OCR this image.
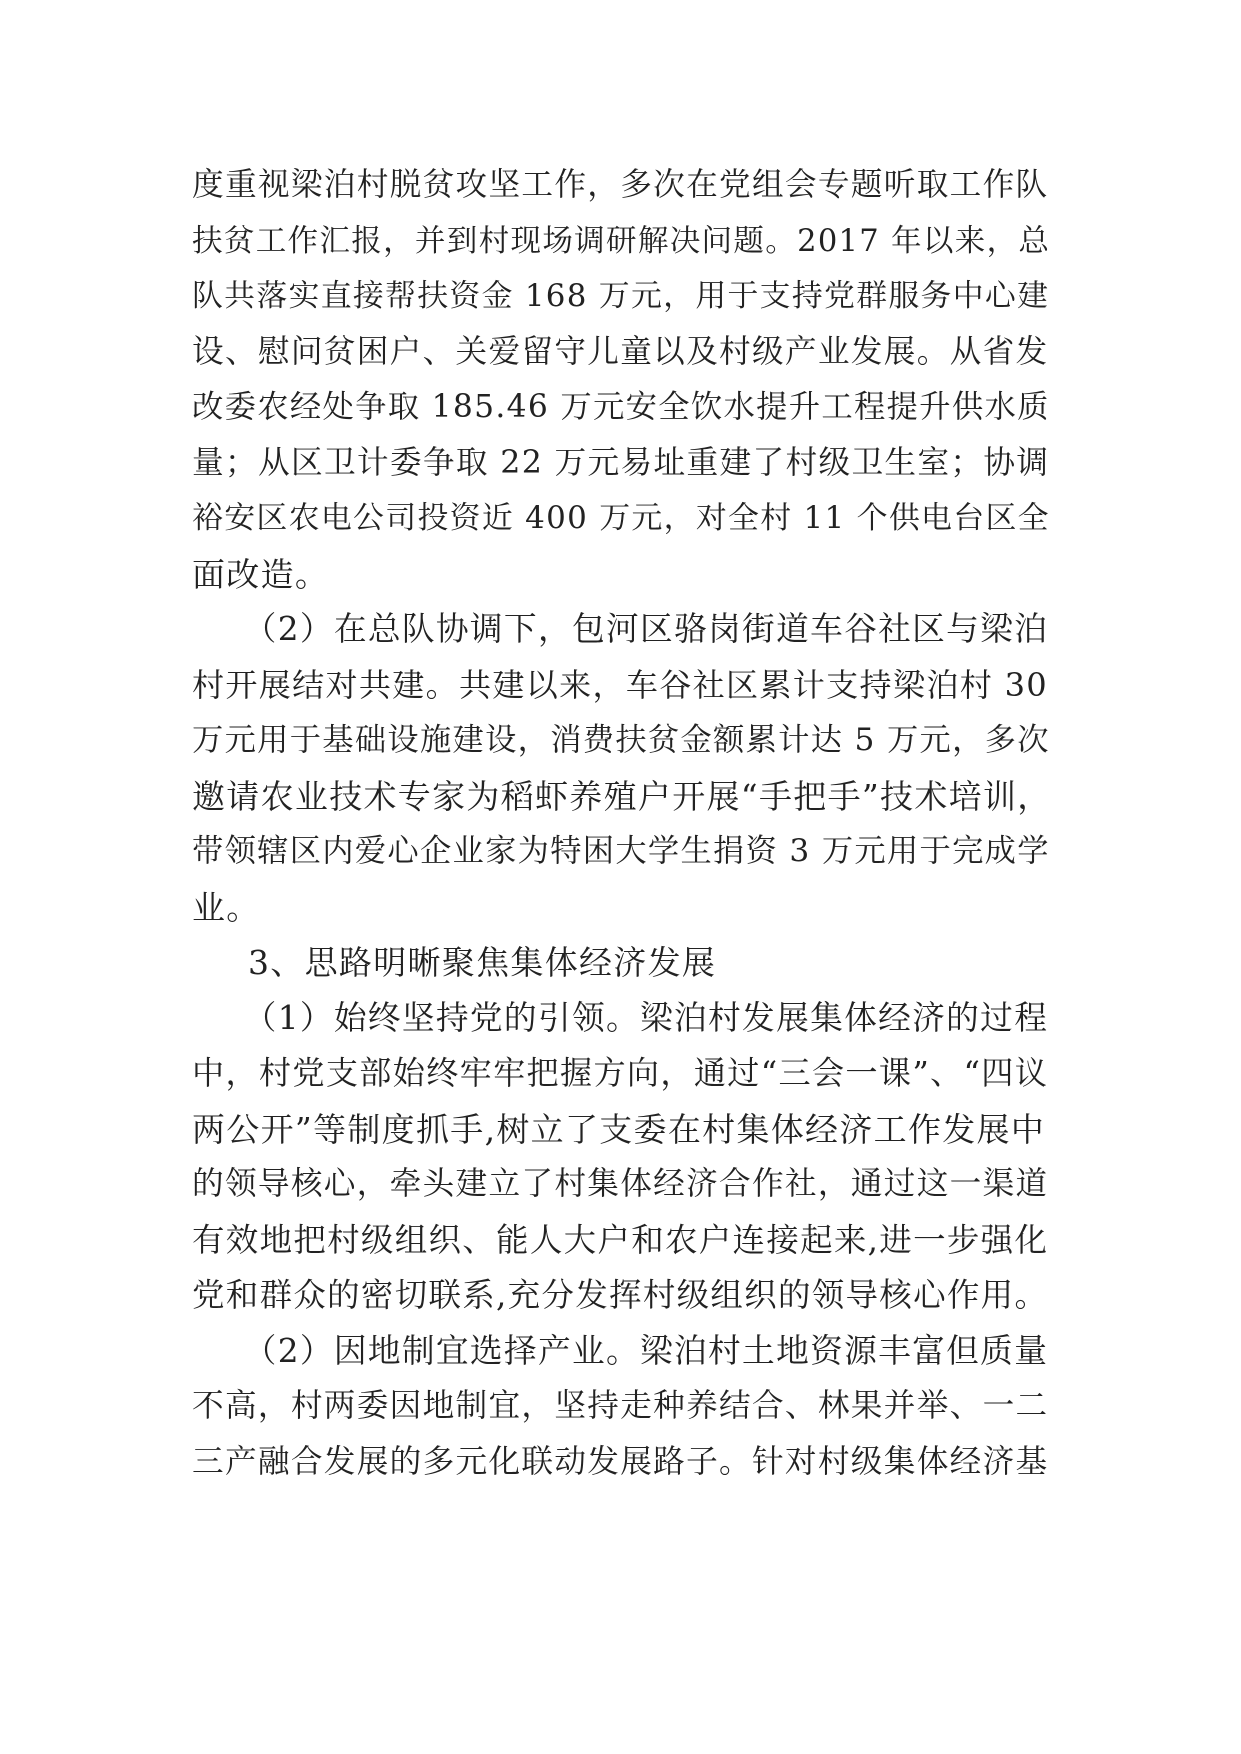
度重视梁泊村脱贫攻坚工作，多次在党组会专题听取工作队
扶贫工作汇报，并到村现场调研解决问题。2017 年以来，总
队共落实直接帮扶资金 168 万元，用于支持党群服务中心建
设、慰问贫困户、关爱留守儿童以及村级产业发展。从省发
改委农经处争取 185.46 万元安全饮水提升工程提升供水质
量；从区卫计委争取 22 万元易址重建了村级卫生室；协调
裕安区农电公司投资近 400 万元，对全村 11 个供电台区全
面改造。
　　（2）在总队协调下，包河区骆岗街道车谷社区与梁泊
村开展结对共建。共建以来，车谷社区累计支持梁泊村 30
万元用于基础设施建设，消费扶贫金额累计达 5 万元，多次
邀请农业技术专家为稻虾养殖户开展“手把手”技术培训，
带领辖区内爱心企业家为特困大学生捐资 3 万元用于完成学
业。
3、思路明晰聚焦集体经济发展
　　（1）始终坚持党的引领。梁泊村发展集体经济的过程
中，村党支部始终牢牢把握方向，通过“三会一课”、“四议
两公开”等制度抓手,树立了支委在村集体经济工作发展中
的领导核心，牵头建立了村集体经济合作社，通过这一渠道
有效地把村级组织、能人大户和农户连接起来,进一步强化
党和群众的密切联系,充分发挥村级组织的领导核心作用。
　　（2）因地制宜选择产业。梁泊村土地资源丰富但质量
不高，村两委因地制宜，坚持走种养结合、林果并举、一二
三产融合发展的多元化联动发展路子。针对村级集体经济基
